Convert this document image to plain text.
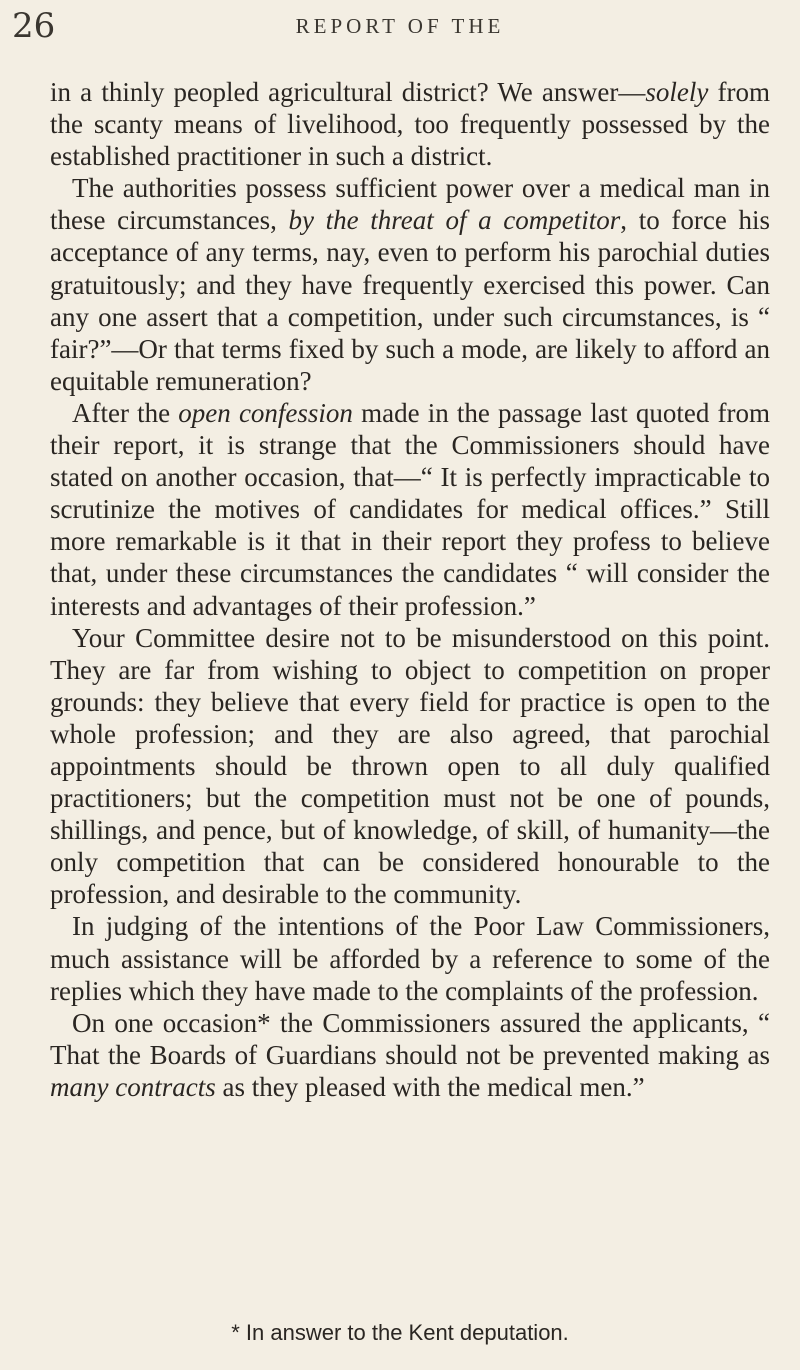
26	REPORT OF THE

in a thinly peopled agricultural district? We answer—solely from the scanty means of livelihood, too frequently possessed by the established practitioner in such a district.

The authorities possess sufficient power over a medical man in these circumstances, by the threat of a competitor, to force his acceptance of any terms, nay, even to perform his parochial duties gratuitously; and they have frequently exercised this power. Can any one assert that a competition, under such circumstances, is “ fair?”—Or that terms fixed by such a mode, are likely to afford an equitable remuneration?

After the open confession made in the passage last quoted from their report, it is strange that the Commissioners should have stated on another occasion, that—“ It is perfectly impracticable to scrutinize the motives of candidates for medical offices.” Still more remarkable is it that in their report they profess to believe that, under these circumstances the candidates “ will consider the interests and advantages of their profession.”

Your Committee desire not to be misunderstood on this point. They are far from wishing to object to competition on proper grounds: they believe that every field for practice is open to the whole profession; and they are also agreed, that parochial appointments should be thrown open to all duly qualified practitioners; but the competition must not be one of pounds, shillings, and pence, but of knowledge, of skill, of humanity—the only competition that can be considered honourable to the profession, and desirable to the community.

In judging of the intentions of the Poor Law Commissioners, much assistance will be afforded by a reference to some of the replies which they have made to the complaints of the profession.

On one occasion* the Commissioners assured the applicants, “ That the Boards of Guardians should not be prevented making as many contracts as they pleased with the medical men.”

* In answer to the Kent deputation.
